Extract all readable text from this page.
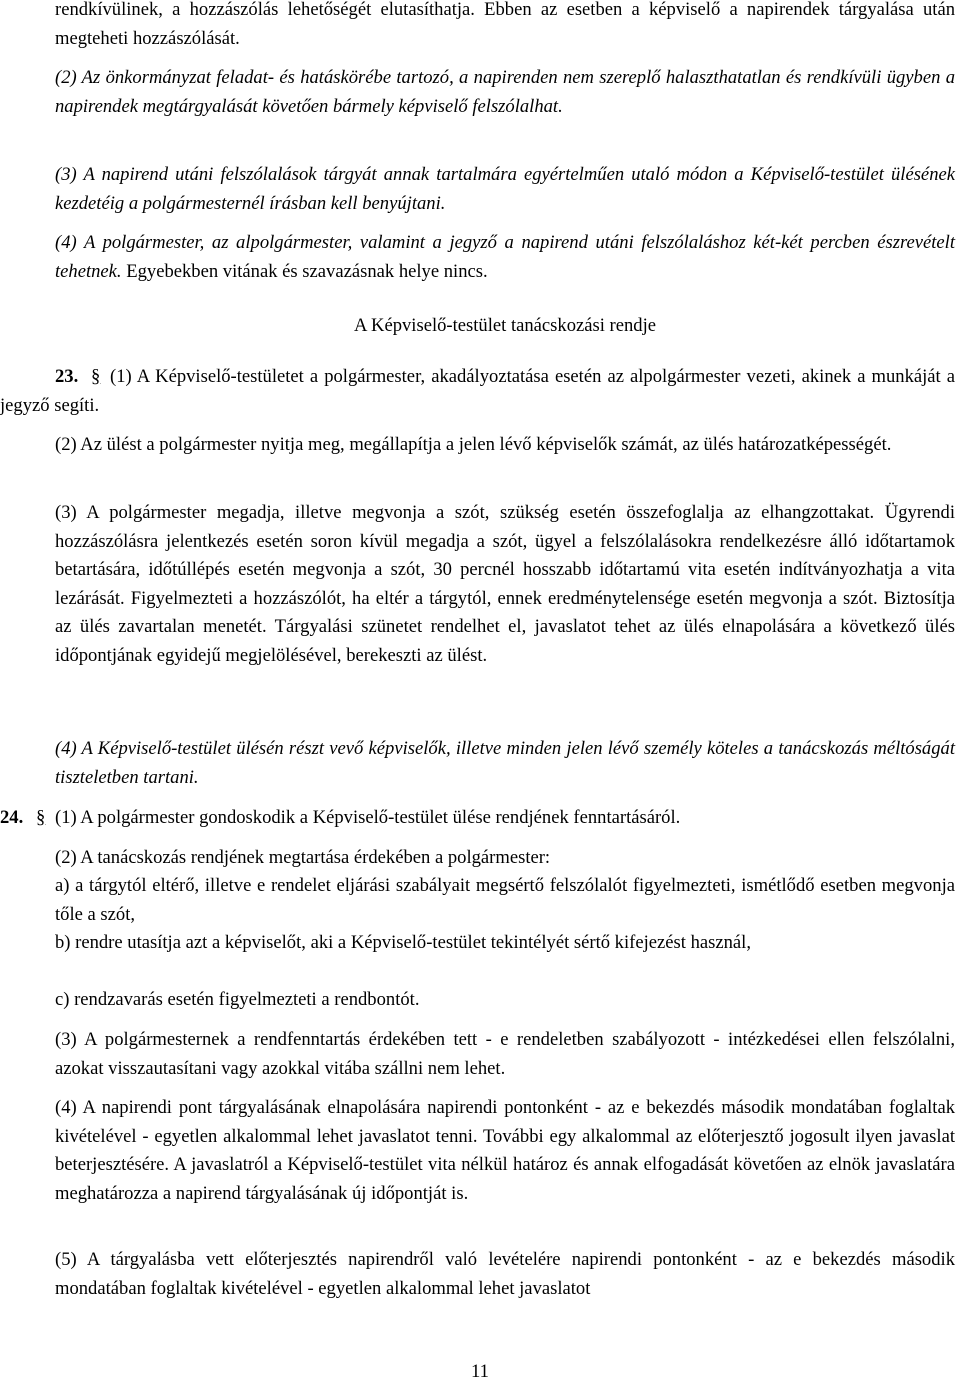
rendkívülinek, a hozzászólás lehetőségét elutasíthatja. Ebben az esetben a képviselő a napirendek tárgyalása után megteheti hozzászólását.

(2) Az önkormányzat feladat- és hatáskörébe tartozó, a napirenden nem szereplő halaszthatatlan és rendkívüli ügyben a napirendek megtárgyalását követően bármely képviselő felszólalhat.

(3) A napirend utáni felszólalások tárgyát annak tartalmára egyértelműen utaló módon a Képviselő-testület ülésének kezdetéig a polgármesternél írásban kell benyújtani.

(4) A polgármester, az alpolgármester, valamint a jegyző a napirend utáni felszólaláshoz két-két percben észrevételt tehetnek. Egyebekben vitának és szavazásnak helye nincs.

A Képviselő-testület tanácskozási rendje

23. § (1) A Képviselő-testületet a polgármester, akadályoztatása esetén az alpolgármester vezeti, akinek a munkáját a jegyző segíti.

(2) Az ülést a polgármester nyitja meg, megállapítja a jelen lévő képviselők számát, az ülés határozatképességét.

(3) A polgármester megadja, illetve megvonja a szót, szükség esetén összefoglalja az elhangzottakat. Ügyrendi hozzászólásra jelentkezés esetén soron kívül megadja a szót, ügyel a felszólalásokra rendelkezésre álló időtartamok betartására, időtúllépés esetén megvonja a szót, 30 percnél hosszabb időtartamú vita esetén indítványozhatja a vita lezárását. Figyelmezteti a hozzászólót, ha eltér a tárgytól, ennek eredménytelensége esetén megvonja a szót. Biztosítja az ülés zavartalan menetét. Tárgyalási szünetet rendelhet el, javaslatot tehet az ülés elnapolására a következő ülés időpontjának egyidejű megjelölésével, berekeszti az ülést.

(4) A Képviselő-testület ülésén részt vevő képviselők, illetve minden jelen lévő személy köteles a tanácskozás méltóságát tiszteletben tartani.

24. § (1) A polgármester gondoskodik a Képviselő-testület ülése rendjének fenntartásáról.

(2) A tanácskozás rendjének megtartása érdekében a polgármester:

a) a tárgytól eltérő, illetve e rendelet eljárási szabályait megsértő felszólalót figyelmezteti, ismétlődő esetben megvonja tőle a szót,

b) rendre utasítja azt a képviselőt, aki a Képviselő-testület tekintélyét sértő kifejezést használ,

c) rendzavarás esetén figyelmezteti a rendbontót.

(3) A polgármesternek a rendfenntartás érdekében tett - e rendeletben szabályozott - intézkedései ellen felszólalni, azokat visszautasítani vagy azokkal vitába szállni nem lehet.

(4) A napirendi pont tárgyalásának elnapolására napirendi pontonként - az e bekezdés második mondatában foglaltak kivételével - egyetlen alkalommal lehet javaslatot tenni. További egy alkalommal az előterjesztő jogosult ilyen javaslat beterjesztésére. A javaslatról a Képviselő-testület vita nélkül határoz és annak elfogadását követően az elnök javaslatára meghatározza a napirend tárgyalásának új időpontját is.

(5) A tárgyalásba vett előterjesztés napirendről való levételére napirendi pontonként - az e bekezdés második mondatában foglaltak kivételével - egyetlen alkalommal lehet javaslatot

11
